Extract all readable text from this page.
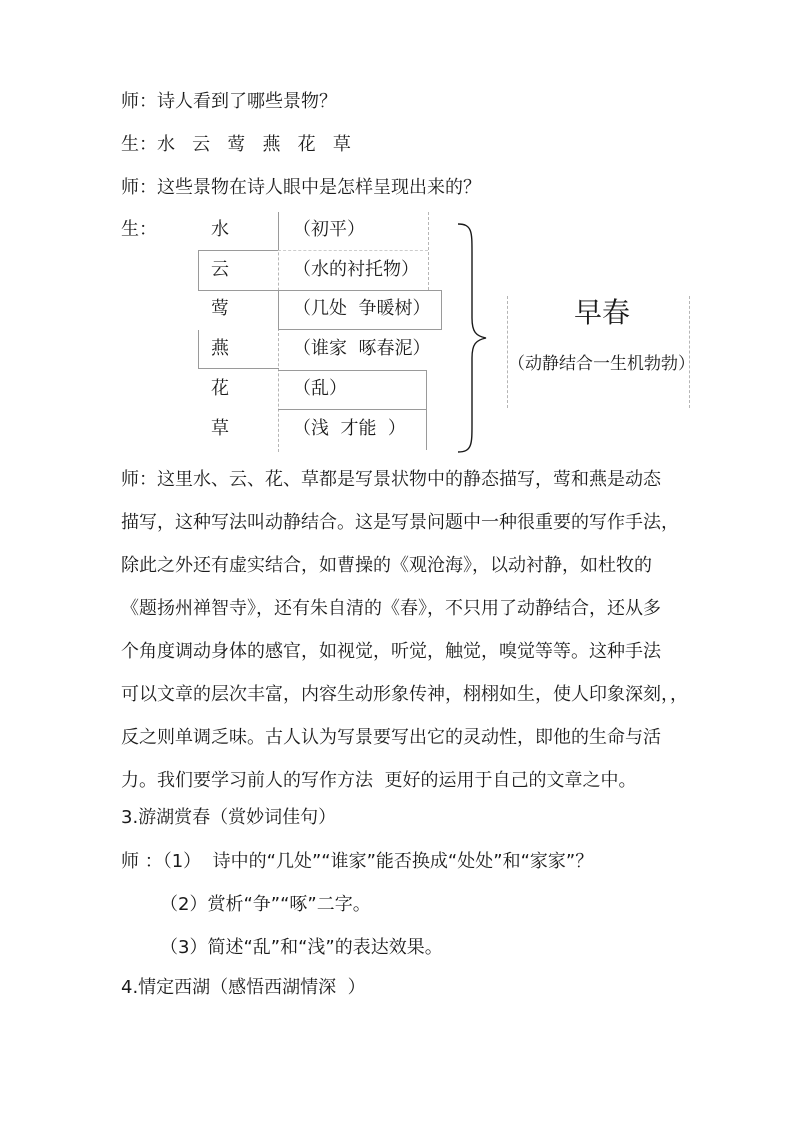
师：诗人看到了哪些景物？
生：水   云   莺   燕   花   草
师：这些景物在诗人眼中是怎样呈现出来的？
生：	水	（初平）
云	（水的衬托物）
莺	（几处  争暖树）
燕	（谁家  啄春泥）
花	（乱）
草	（浅  才能  ）
早春
（动静结合一生机勃勃）
师：这里水、云、花、草都是写景状物中的静态描写，莺和燕是动态
描写，这种写法叫动静结合。这是写景问题中一种很重要的写作手法，
除此之外还有虚实结合，如曹操的《观沧海》，以动衬静，如杜牧的
《题扬州禅智寺》，还有朱自清的《春》，不只用了动静结合，还从多
个角度调动身体的感官，如视觉，听觉，触觉，嗅觉等等。这种手法
可以文章的层次丰富，内容生动形象传神，栩栩如生，使人印象深刻，，
反之则单调乏味。古人认为写景要写出它的灵动性，即他的生命与活
力。我们要学习前人的写作方法  更好的运用于自己的文章之中。
3.游湖赏春（赏妙词佳句）
师 ：（1）  诗中的“几处”“谁家”能否换成“处处”和“家家”？
（2）赏析“争”“啄”二字。
（3）简述“乱”和“浅”的表达效果。
4.情定西湖（感悟西湖情深  ）
